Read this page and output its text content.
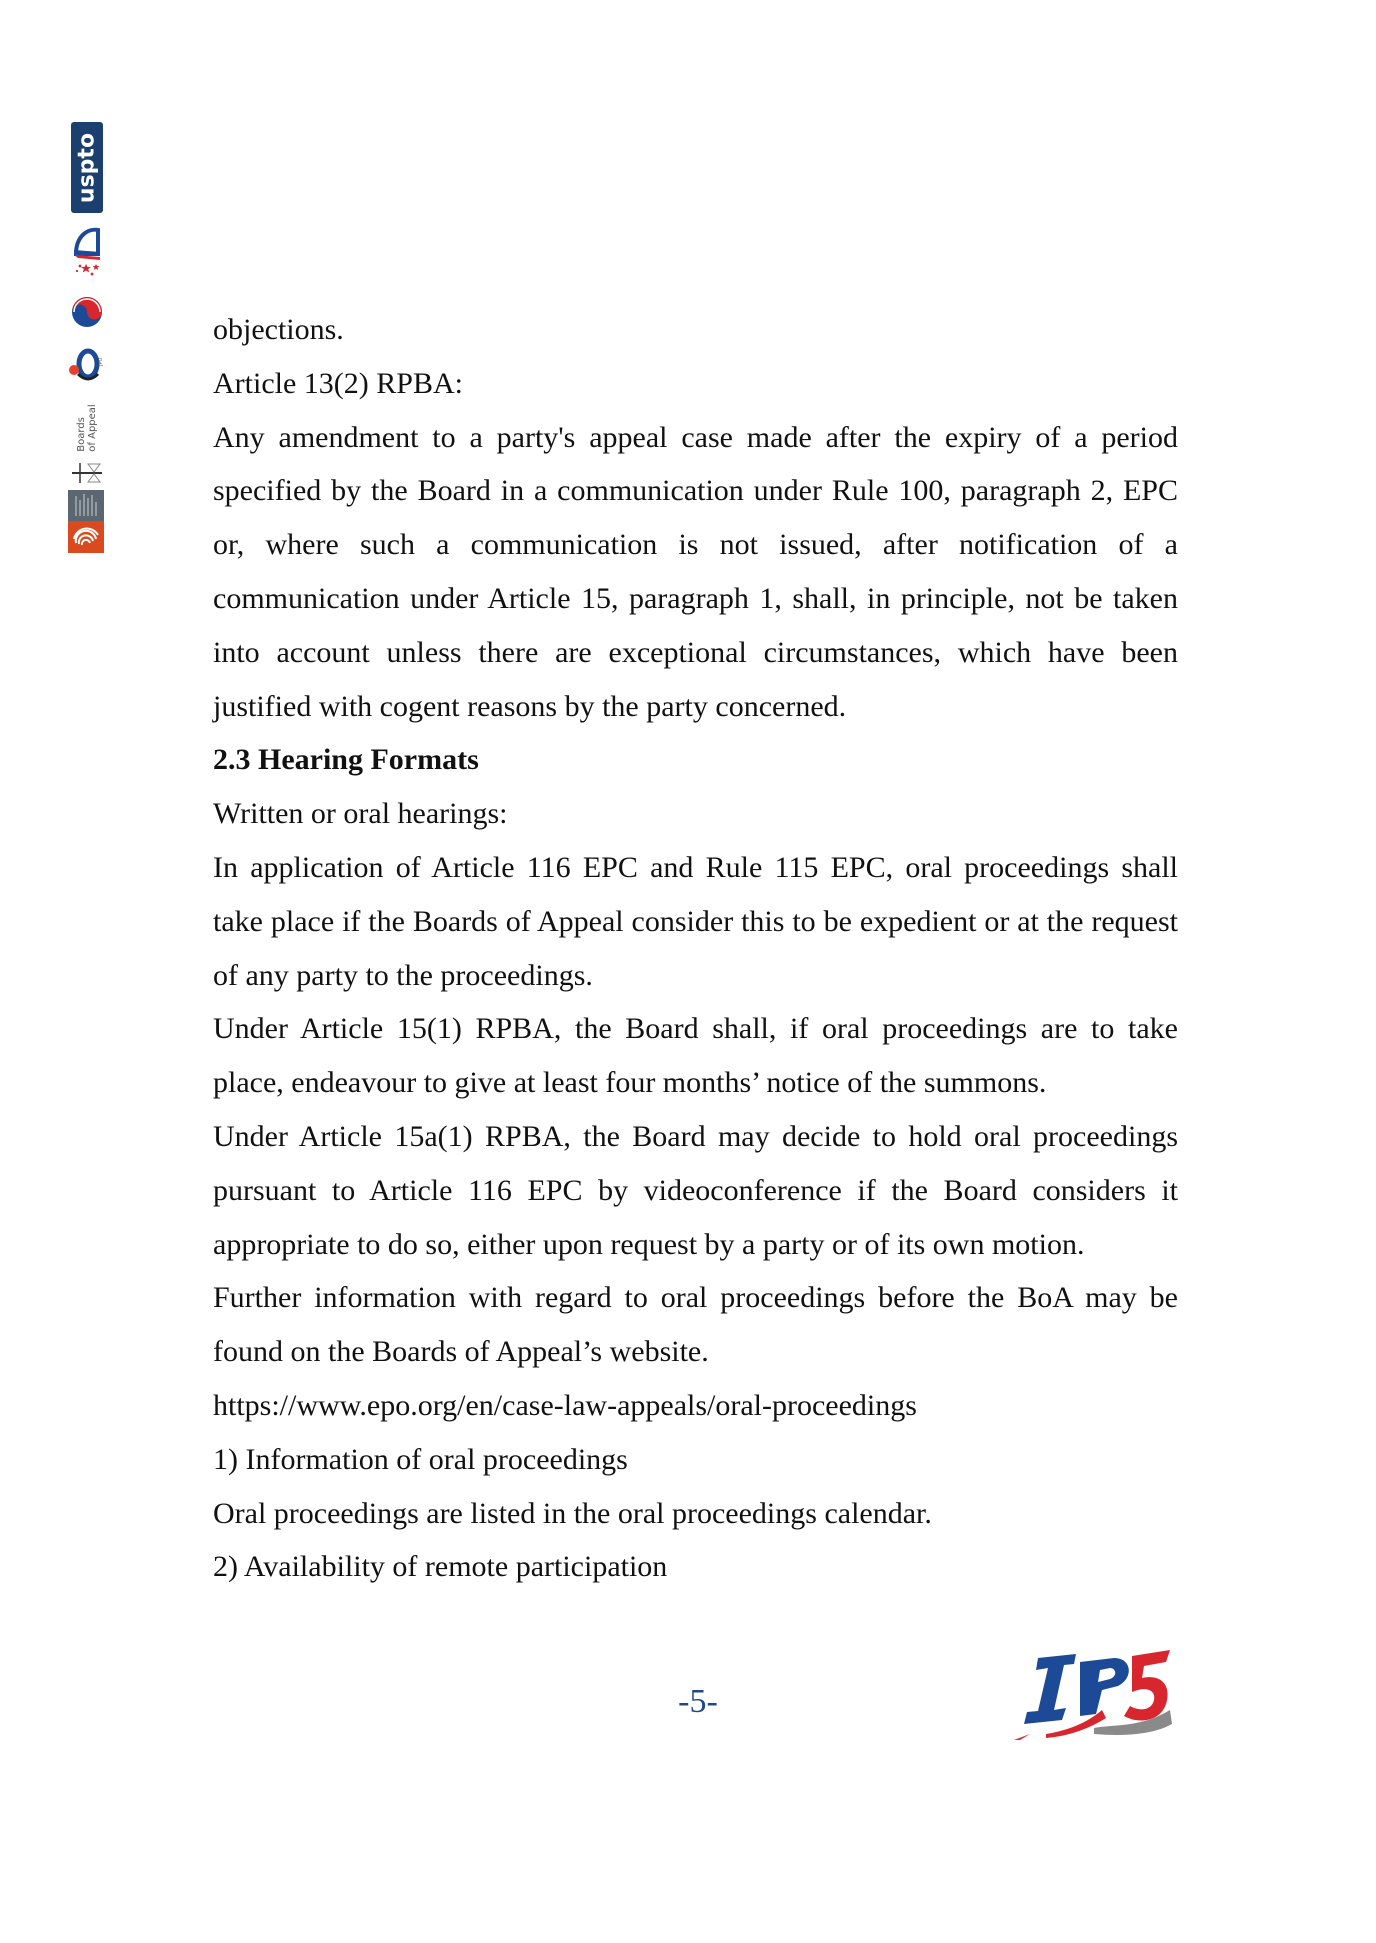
uspto
JPO
Boards of Appeal

objections.

Article 13(2) RPBA:

Any amendment to a party's appeal case made after the expiry of a period specified by the Board in a communication under Rule 100, paragraph 2, EPC or, where such a communication is not issued, after notification of a communication under Article 15, paragraph 1, shall, in principle, not be taken into account unless there are exceptional circumstances, which have been justified with cogent reasons by the party concerned.

2.3 Hearing Formats

Written or oral hearings:

In application of Article 116 EPC and Rule 115 EPC, oral proceedings shall take place if the Boards of Appeal consider this to be expedient or at the request of any party to the proceedings.

Under Article 15(1) RPBA, the Board shall, if oral proceedings are to take place, endeavour to give at least four months’ notice of the summons.

Under Article 15a(1) RPBA, the Board may decide to hold oral proceedings pursuant to Article 116 EPC by videoconference if the Board considers it appropriate to do so, either upon request by a party or of its own motion.

Further information with regard to oral proceedings before the BoA may be found on the Boards of Appeal’s website.

https://www.epo.org/en/case-law-appeals/oral-proceedings

1) Information of oral proceedings

Oral proceedings are listed in the oral proceedings calendar.

2) Availability of remote participation

-5-
